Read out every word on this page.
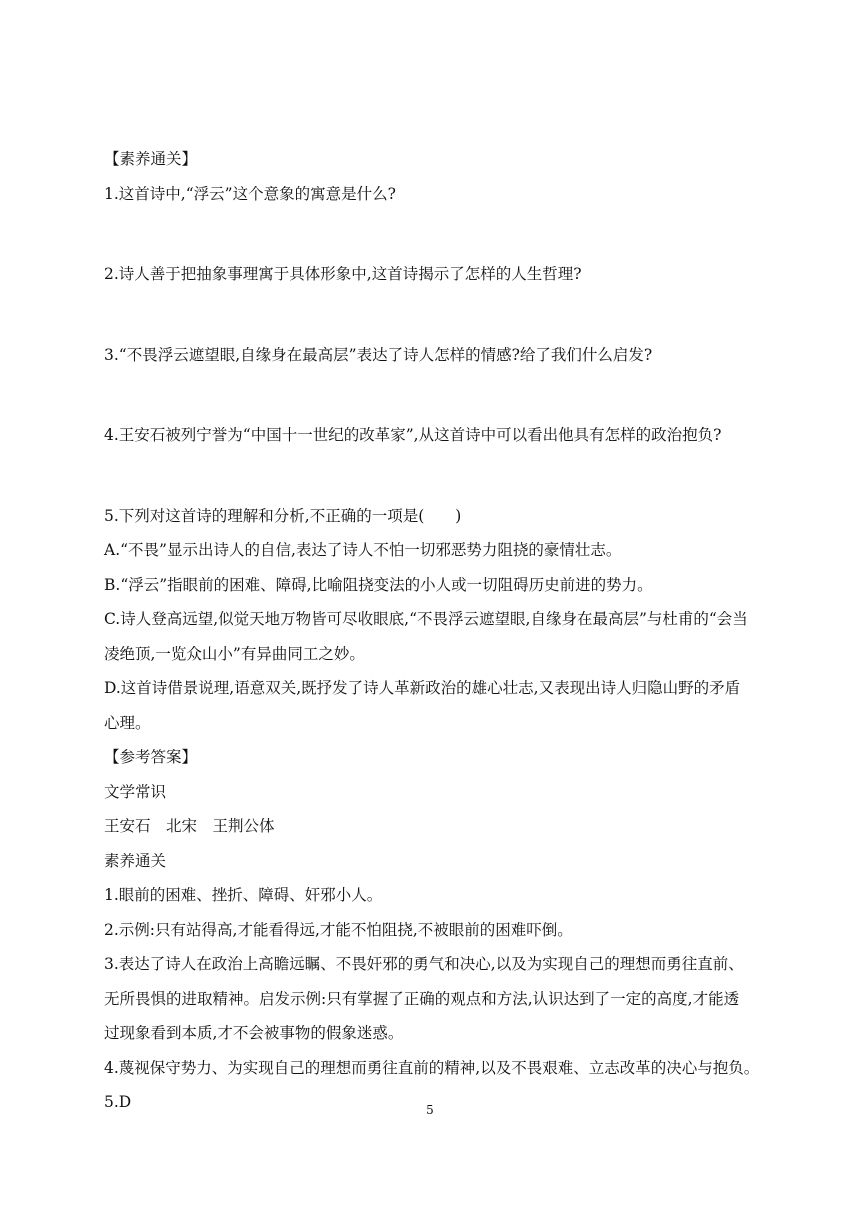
【素养通关】
1.这首诗中,“浮云”这个意象的寓意是什么?
2.诗人善于把抽象事理寓于具体形象中,这首诗揭示了怎样的人生哲理?
3.“不畏浮云遮望眼,自缘身在最高层”表达了诗人怎样的情感?给了我们什么启发?
4.王安石被列宁誉为“中国十一世纪的改革家”,从这首诗中可以看出他具有怎样的政治抱负?
5.下列对这首诗的理解和分析,不正确的一项是(　　)
A.“不畏”显示出诗人的自信,表达了诗人不怕一切邪恶势力阻挠的豪情壮志。
B.“浮云”指眼前的困难、障碍,比喻阻挠变法的小人或一切阻碍历史前进的势力。
C.诗人登高远望,似觉天地万物皆可尽收眼底,“不畏浮云遮望眼,自缘身在最高层”与杜甫的“会当
凌绝顶,一览众山小”有异曲同工之妙。
D.这首诗借景说理,语意双关,既抒发了诗人革新政治的雄心壮志,又表现出诗人归隐山野的矛盾
心理。
【参考答案】
文学常识
王安石　北宋　王荆公体
素养通关
1.眼前的困难、挫折、障碍、奸邪小人。
2.示例:只有站得高,才能看得远,才能不怕阻挠,不被眼前的困难吓倒。
3.表达了诗人在政治上高瞻远瞩、不畏奸邪的勇气和决心,以及为实现自己的理想而勇往直前、
无所畏惧的进取精神。启发示例:只有掌握了正确的观点和方法,认识达到了一定的高度,才能透
过现象看到本质,才不会被事物的假象迷惑。
4.蔑视保守势力、为实现自己的理想而勇往直前的精神,以及不畏艰难、立志改革的决心与抱负。
5.D	5
